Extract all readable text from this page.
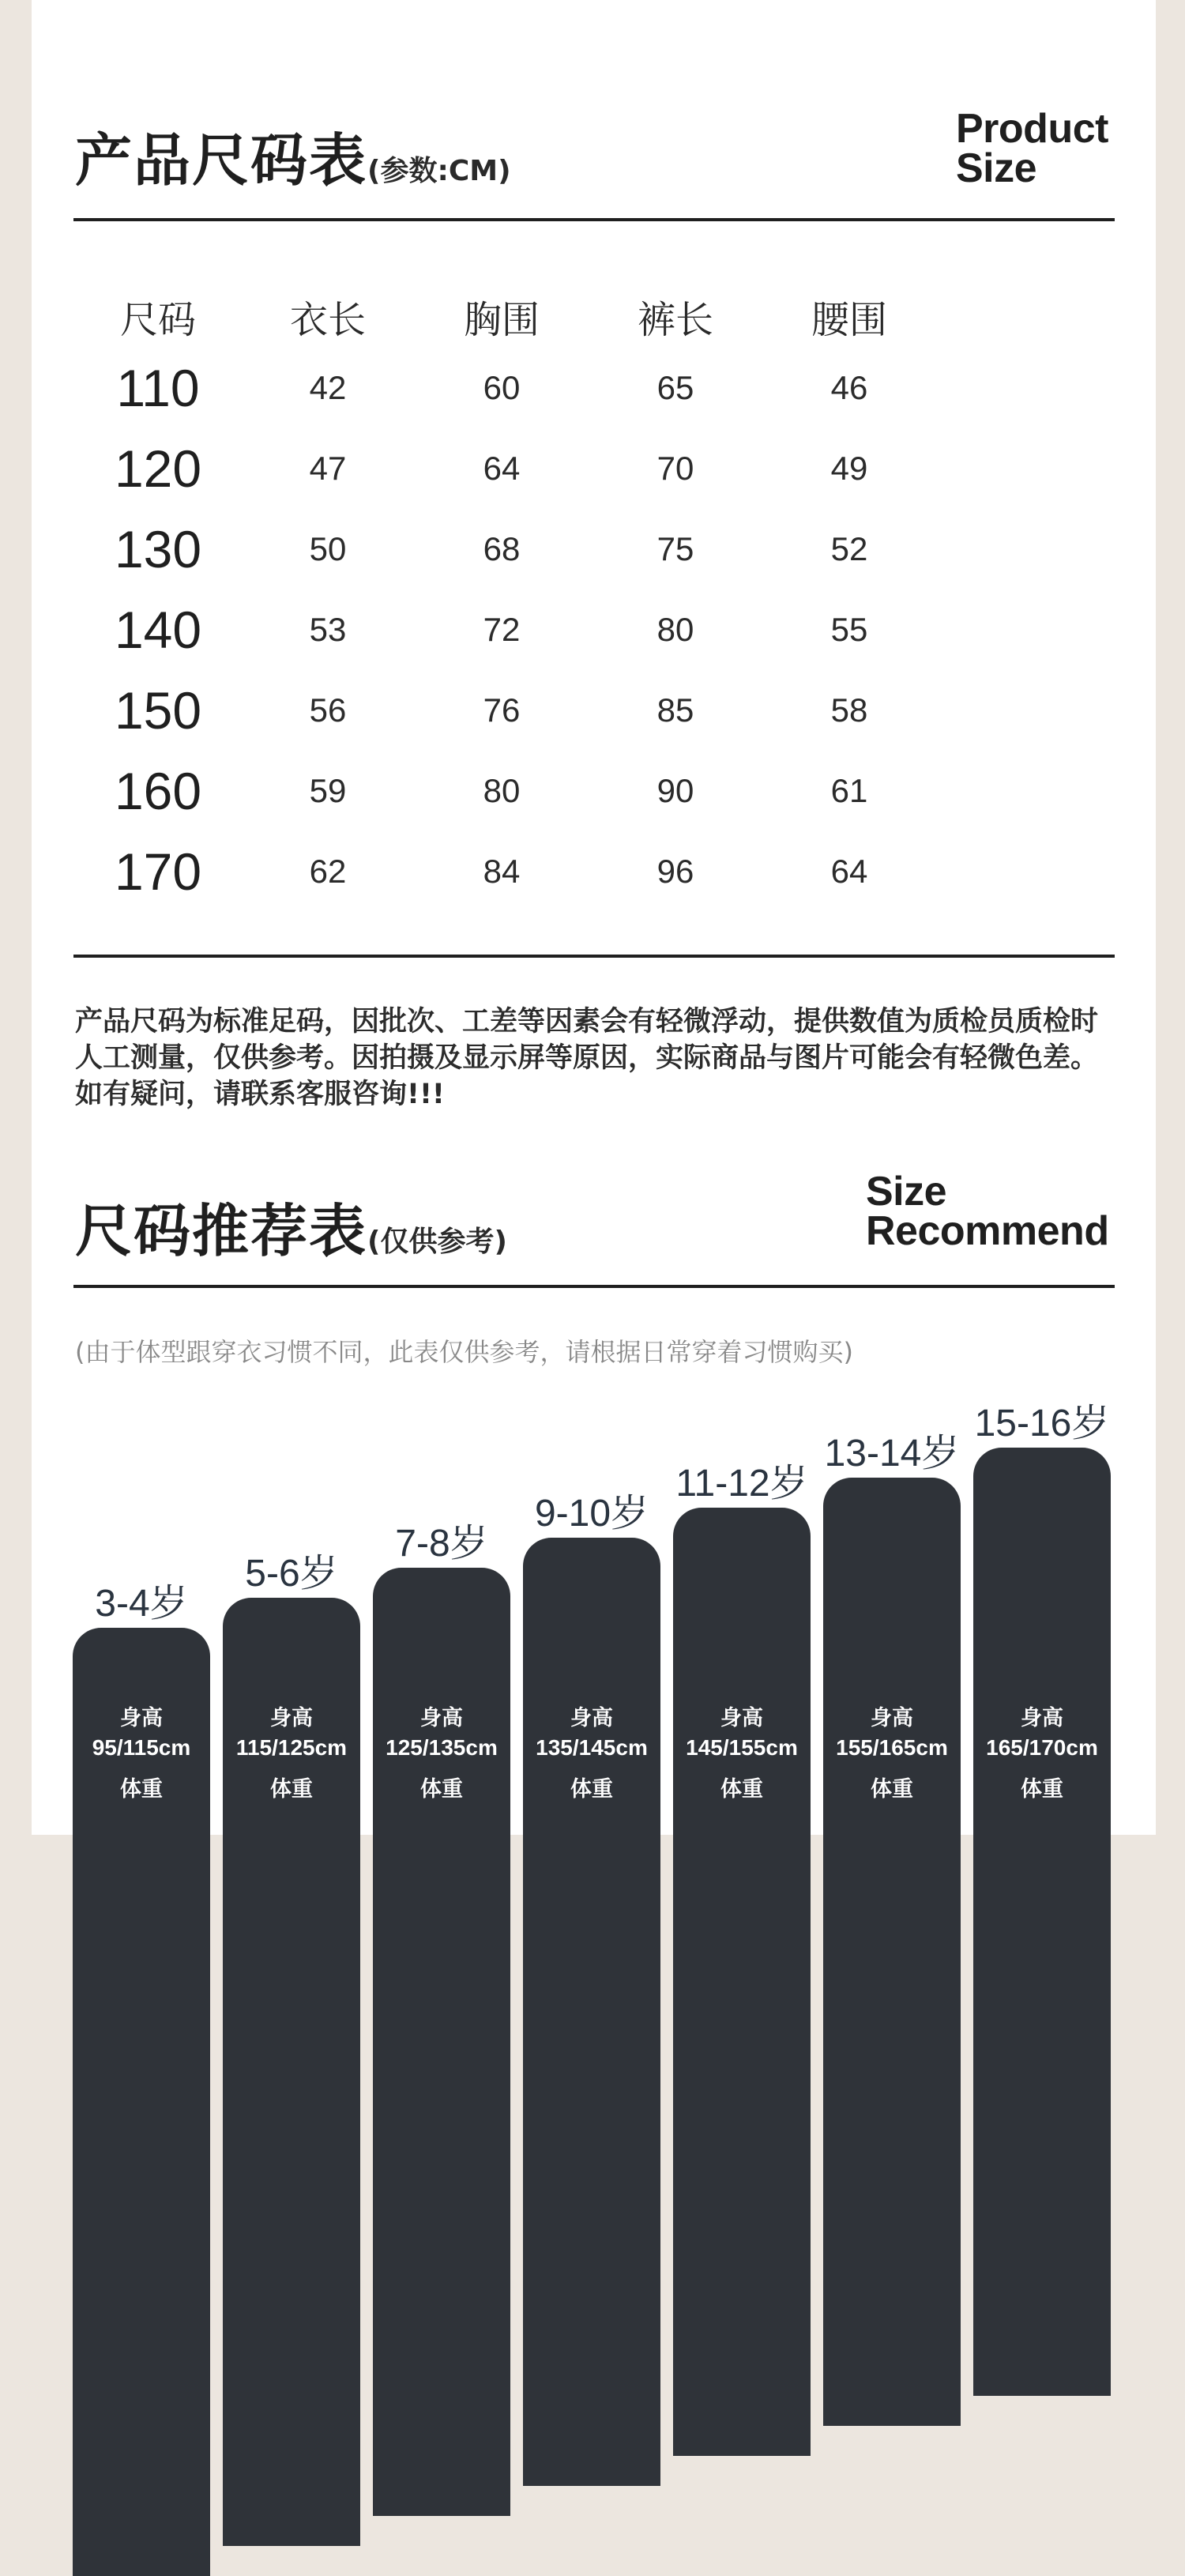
产品尺码表(参数:CM)
Product
Size
尺码	衣长	胸围	裤长	腰围
110	42	60	65	46
120	47	64	70	49
130	50	68	75	52
140	53	72	80	55
150	56	76	85	58
160	59	80	90	61
170	62	84	96	64
产品尺码为标准足码，因批次、工差等因素会有轻微浮动，提供数值为质检员质检时人工测量，仅供参考。因拍摄及显示屏等原因，实际商品与图片可能会有轻微色差。如有疑问，请联系客服咨询!!!
尺码推荐表(仅供参考)
Size
Recommend
(由于体型跟穿衣习惯不同，此表仅供参考，请根据日常穿着习惯购买)
3-4岁
身高
95/115cm
体重
5-6岁
身高
115/125cm
体重
7-8岁
身高
125/135cm
体重
9-10岁
身高
135/145cm
体重
11-12岁
身高
145/155cm
体重
13-14岁
身高
155/165cm
体重
15-16岁
身高
165/170cm
体重
